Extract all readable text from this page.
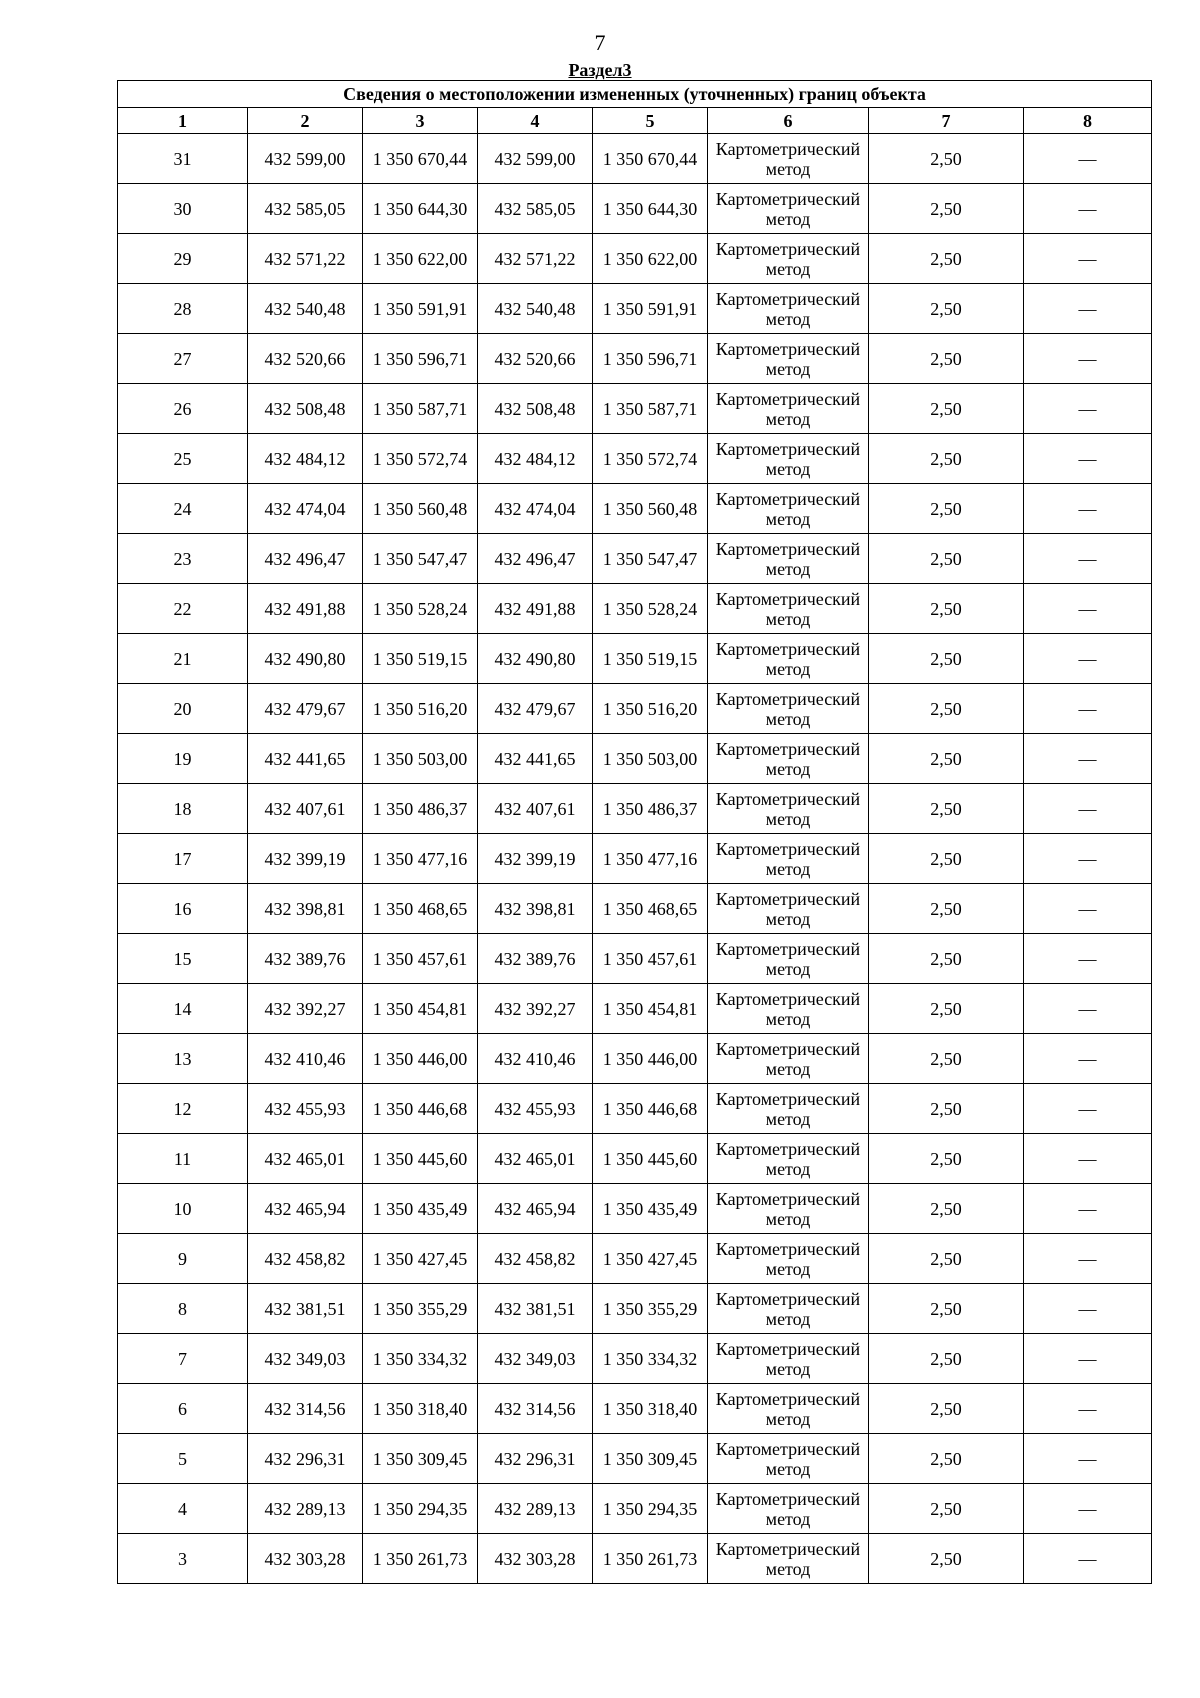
7
Раздел3
Сведения о местоположении измененных (уточненных) границ объекта							
1	2	3	4	5	6	7	8
31	432 599,00	1 350 670,44	432 599,00	1 350 670,44	Картометрический метод	2,50	—
30	432 585,05	1 350 644,30	432 585,05	1 350 644,30	Картометрический метод	2,50	—
29	432 571,22	1 350 622,00	432 571,22	1 350 622,00	Картометрический метод	2,50	—
28	432 540,48	1 350 591,91	432 540,48	1 350 591,91	Картометрический метод	2,50	—
27	432 520,66	1 350 596,71	432 520,66	1 350 596,71	Картометрический метод	2,50	—
26	432 508,48	1 350 587,71	432 508,48	1 350 587,71	Картометрический метод	2,50	—
25	432 484,12	1 350 572,74	432 484,12	1 350 572,74	Картометрический метод	2,50	—
24	432 474,04	1 350 560,48	432 474,04	1 350 560,48	Картометрический метод	2,50	—
23	432 496,47	1 350 547,47	432 496,47	1 350 547,47	Картометрический метод	2,50	—
22	432 491,88	1 350 528,24	432 491,88	1 350 528,24	Картометрический метод	2,50	—
21	432 490,80	1 350 519,15	432 490,80	1 350 519,15	Картометрический метод	2,50	—
20	432 479,67	1 350 516,20	432 479,67	1 350 516,20	Картометрический метод	2,50	—
19	432 441,65	1 350 503,00	432 441,65	1 350 503,00	Картометрический метод	2,50	—
18	432 407,61	1 350 486,37	432 407,61	1 350 486,37	Картометрический метод	2,50	—
17	432 399,19	1 350 477,16	432 399,19	1 350 477,16	Картометрический метод	2,50	—
16	432 398,81	1 350 468,65	432 398,81	1 350 468,65	Картометрический метод	2,50	—
15	432 389,76	1 350 457,61	432 389,76	1 350 457,61	Картометрический метод	2,50	—
14	432 392,27	1 350 454,81	432 392,27	1 350 454,81	Картометрический метод	2,50	—
13	432 410,46	1 350 446,00	432 410,46	1 350 446,00	Картометрический метод	2,50	—
12	432 455,93	1 350 446,68	432 455,93	1 350 446,68	Картометрический метод	2,50	—
11	432 465,01	1 350 445,60	432 465,01	1 350 445,60	Картометрический метод	2,50	—
10	432 465,94	1 350 435,49	432 465,94	1 350 435,49	Картометрический метод	2,50	—
9	432 458,82	1 350 427,45	432 458,82	1 350 427,45	Картометрический метод	2,50	—
8	432 381,51	1 350 355,29	432 381,51	1 350 355,29	Картометрический метод	2,50	—
7	432 349,03	1 350 334,32	432 349,03	1 350 334,32	Картометрический метод	2,50	—
6	432 314,56	1 350 318,40	432 314,56	1 350 318,40	Картометрический метод	2,50	—
5	432 296,31	1 350 309,45	432 296,31	1 350 309,45	Картометрический метод	2,50	—
4	432 289,13	1 350 294,35	432 289,13	1 350 294,35	Картометрический метод	2,50	—
3	432 303,28	1 350 261,73	432 303,28	1 350 261,73	Картометрический метод	2,50	—
